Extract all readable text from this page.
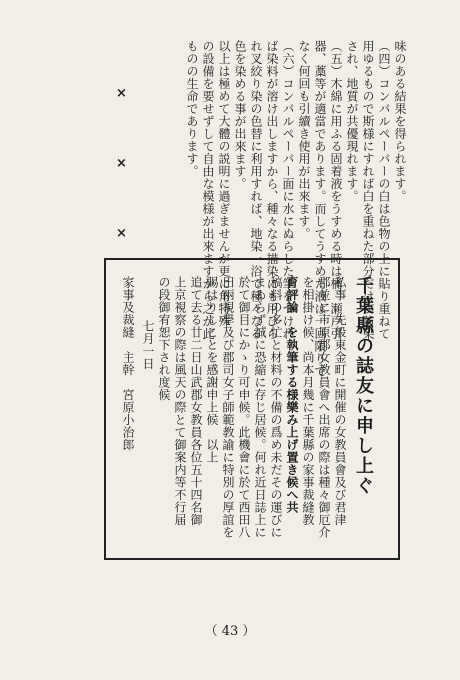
味のある結果を得られます。
（四）コンパルペーパーの白は色物の上に貼り重ねて
用ゆるもので斯様にすれば白を重ねた部分だけが防染
され、地質が共優現れます。
（五）木綿に用ふる固着液をうすめる時は桶、瀬戸引
器、藁等が適當であります。而してうすめた液は一回限りで
なく何回も引續き使用が出來ます。
（六）コンパルペーパー面に水にぬらした筆をつけれ
ば染料が溶け出しますから、種々なる描染にも用ひら
れ叉絞り染の色替に利用すれば、地染一浴で種々なる
色を染める事が出來ます。
以上は極めて大體の説明に過ぎませんが更に角特殊
の設備を要せずして自由な模様が出來ますから之が此
ものの生命であります。
×
×
×
千葉縣の誌友に申し上ぐ
私事　先般東金町に開催の女教員會及び君津
郡並に市原郡女教員會へ出席の際は種々御厄介
を相掛け候、尚本月幾に千葉縣の家事裁縫教
育評論　を執筆する様樂み上げ置き候へ共
稿料の多忙と材料の不備の爲め未だその運びに
まゐらず誠に恐縮に存じ居候。何れ近日誌上に
於て御目にかゝり可申候。此機會に於て西田八
田兩視學及び郡司女子師範教諭に特別の厚誼を
賜はりしことを感謝申上候　以上
追て去る廿二日山武郡女教員各位五十四名御
上京視察の際は風天の際とて御案内等不行届
の段御宥恕下され度候
七月一日
家事及裁縫　主幹　宮原小治郎
（ 43 ）
